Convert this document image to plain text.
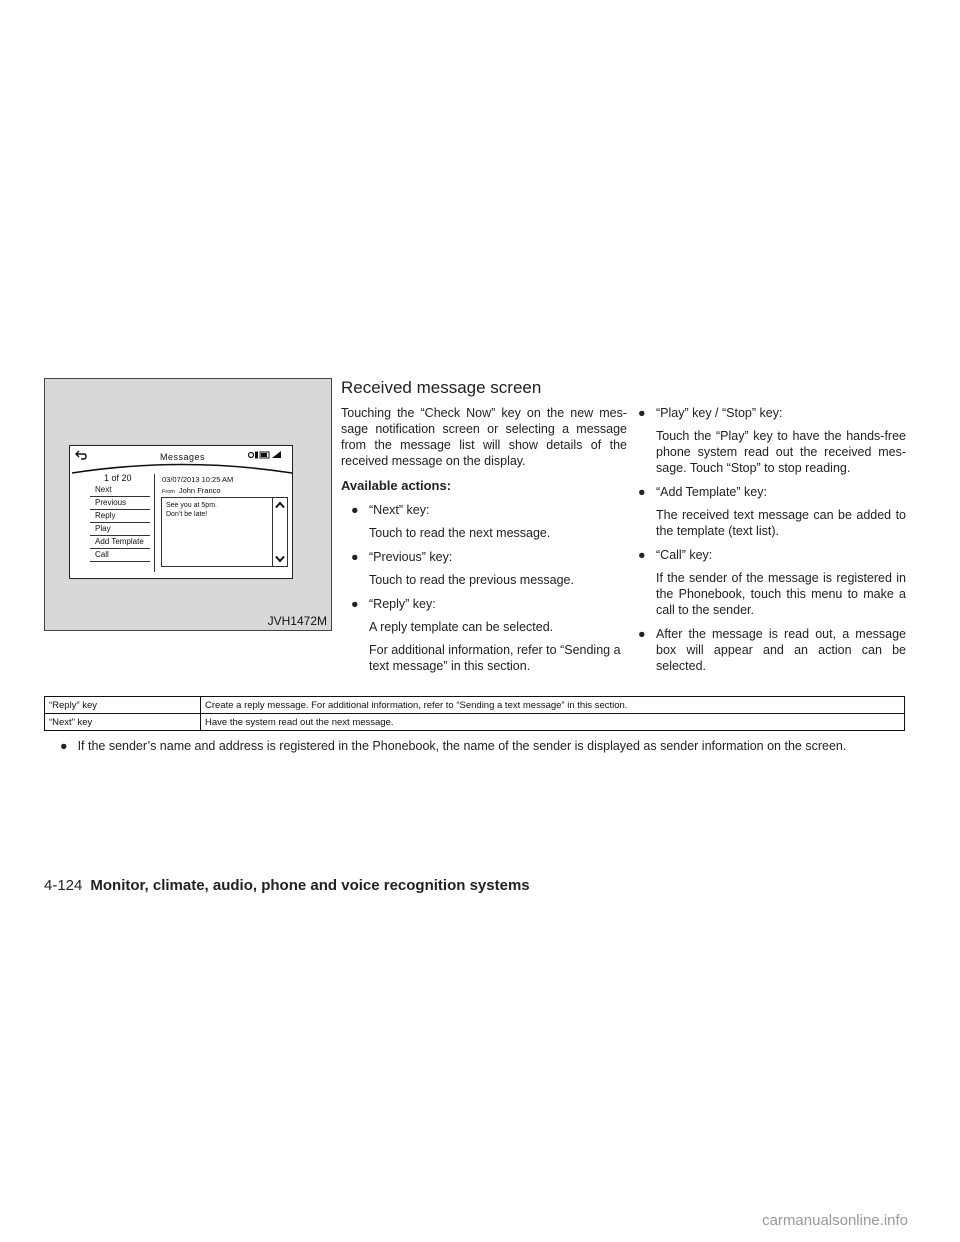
Messages
1 of 20
Next
Previous
Reply
Play
Add Template
Call
03/07/2013 10:25 AM
From John Franco
See you at 5pm.
Don’t be late!
JVH1472M
Received message screen

Touching the “Check Now” key on the new mes-sage notification screen or selecting a message from the message list will show details of the received message on the display.

Available actions:

● “Next” key:

Touch to read the next message.

● “Previous” key:

Touch to read the previous message.

● “Reply” key:

A reply template can be selected.

For additional information, refer to “Sending a text message” in this section.

● “Play” key / “Stop” key:

Touch the “Play” key to have the hands-free phone system read out the received mes-sage. Touch “Stop” to stop reading.

● “Add Template” key:

The received text message can be added to the template (text list).

● “Call” key:

If the sender of the message is registered in the Phonebook, touch this menu to make a call to the sender.

● After the message is read out, a message box will appear and an action can be selected.

“Reply” key	Create a reply message. For additional information, refer to “Sending a text message” in this section.
“Next” key	Have the system read out the next message.
● If the sender’s name and address is registered in the Phonebook, the name of the sender is displayed as sender information on the screen.
4-124 Monitor, climate, audio, phone and voice recognition systems
carmanualsonline.info
